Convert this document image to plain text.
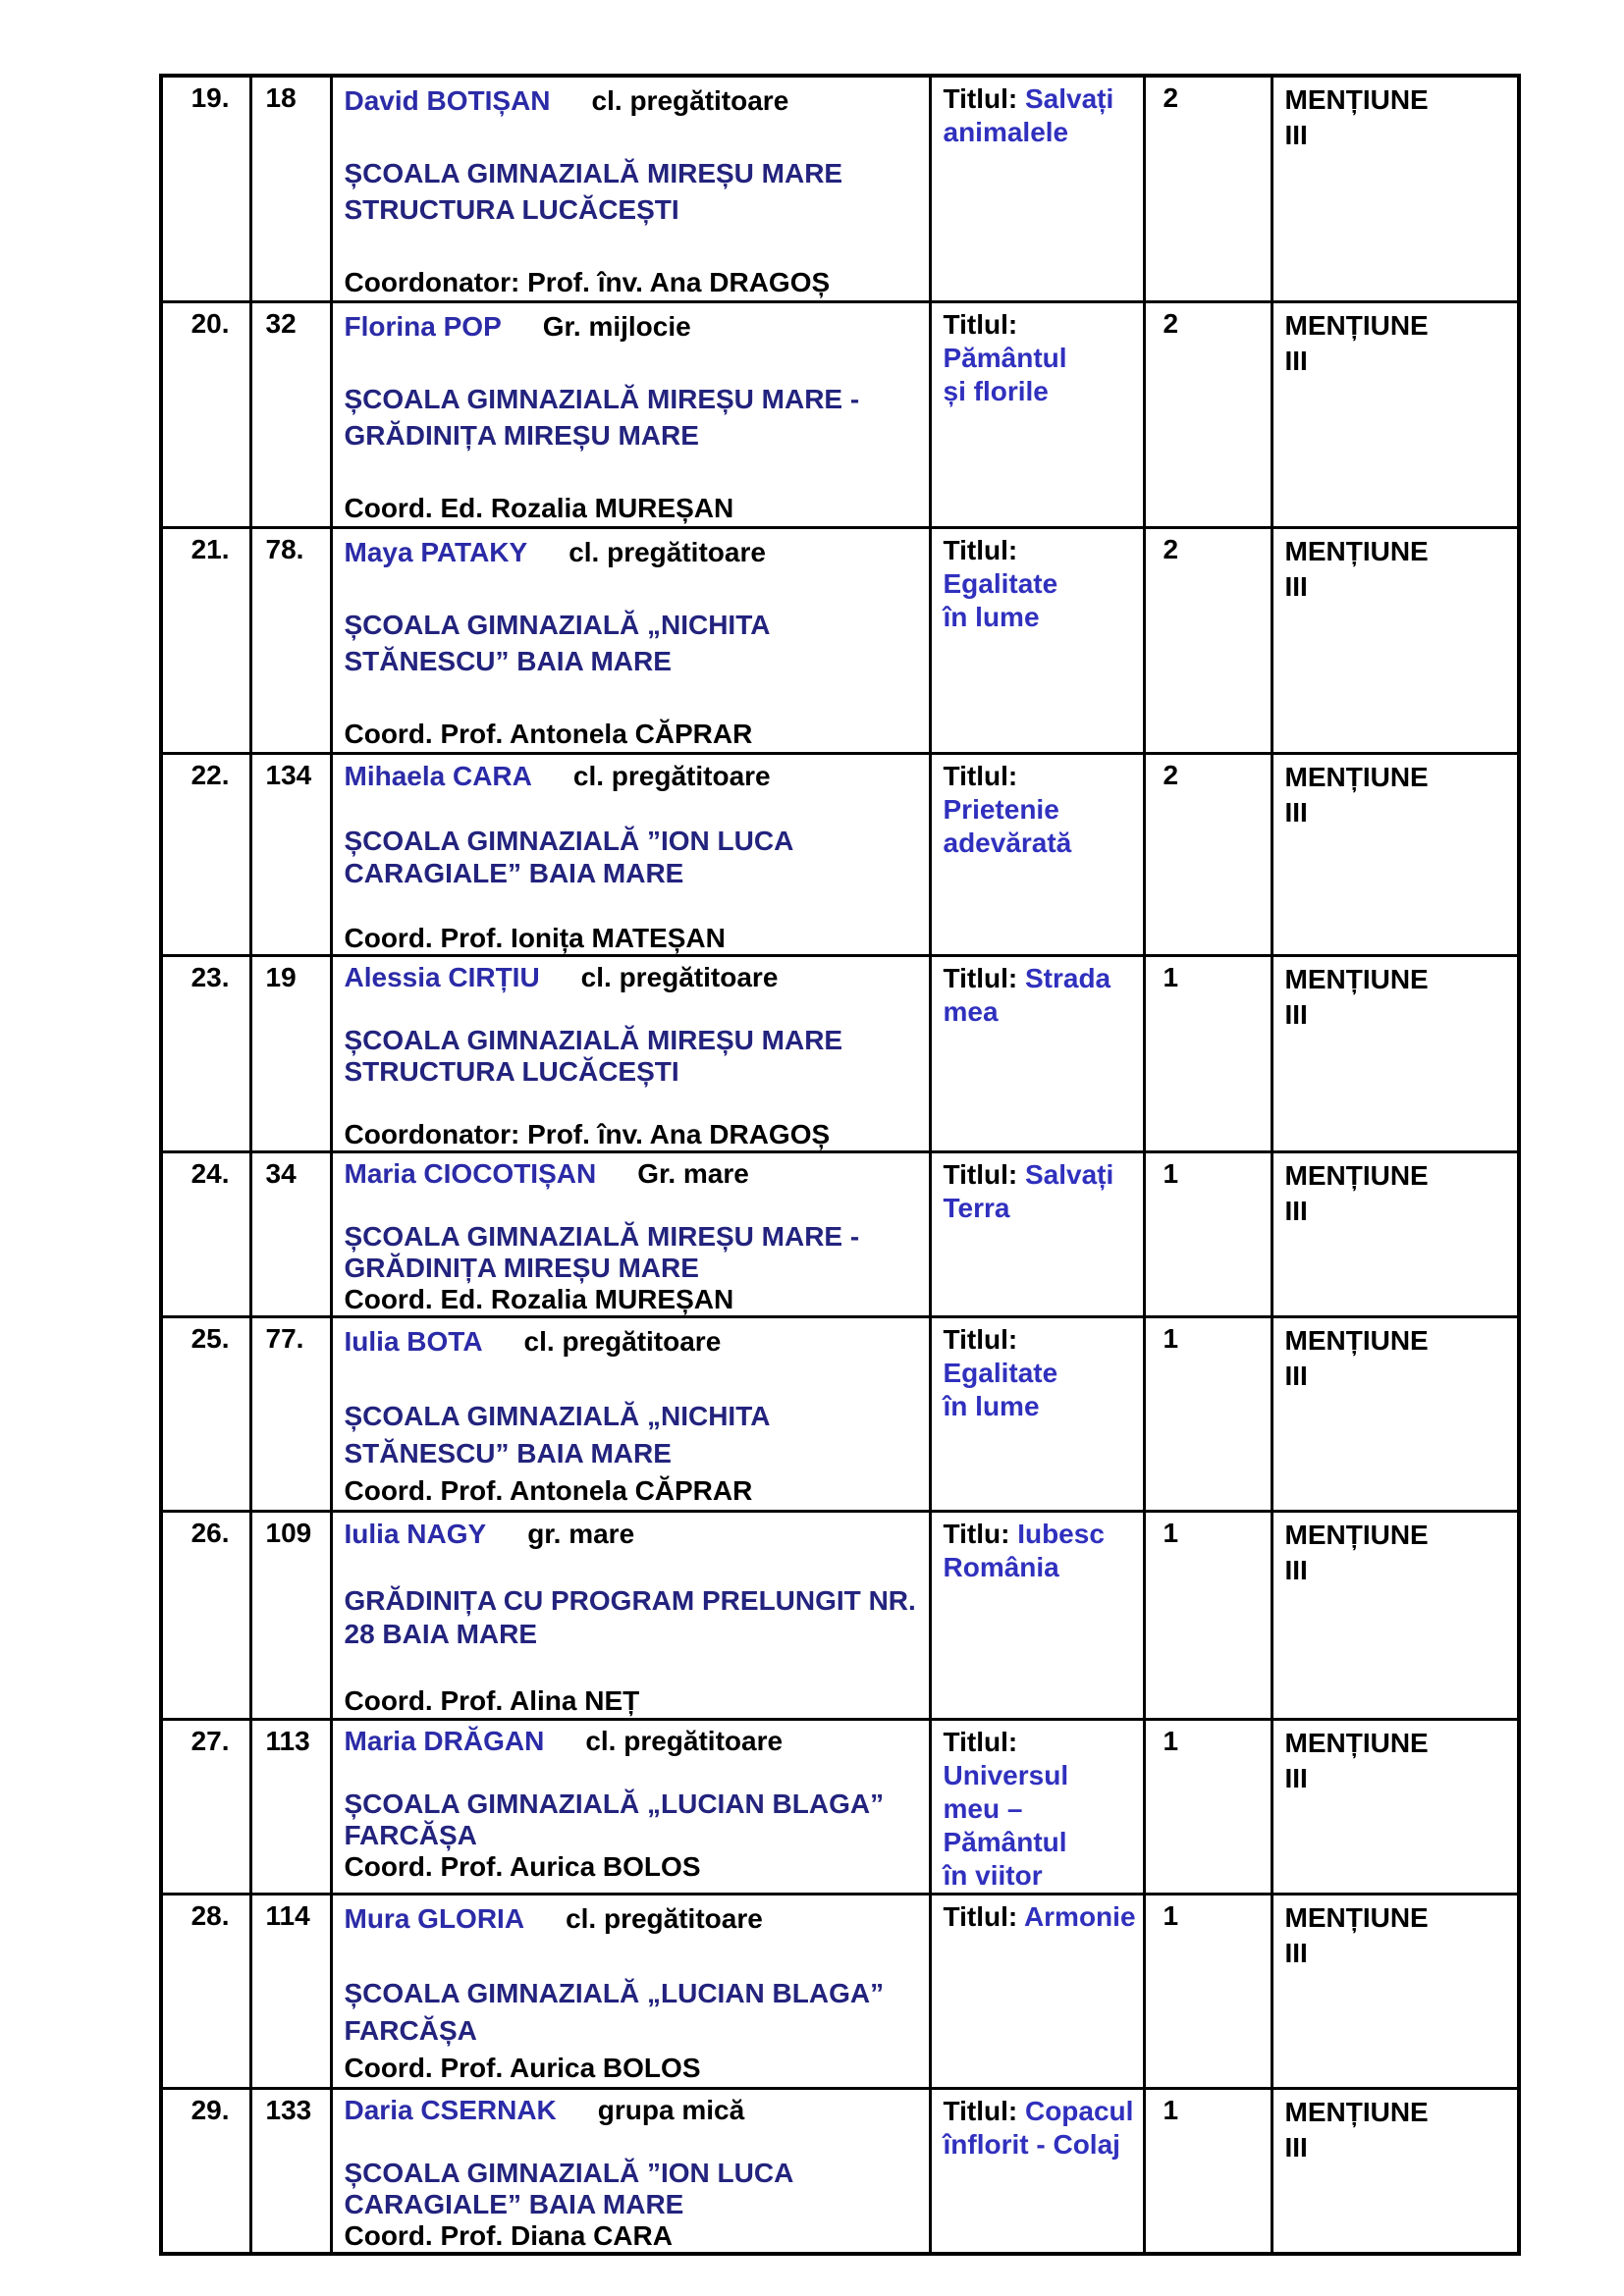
19.	18	David BOTIȘAN cl. pregătitoare

ȘCOALA GIMNAZIALĂ MIREȘU MARE
STRUCTURA LUCĂCEȘTI

Coordonator: Prof. înv. Ana DRAGOȘ

Titlul: Salvați
animalele

2	MENȚIUNE
III

20.	32	Florina POP Gr. mijlocie

ȘCOALA GIMNAZIALĂ MIREȘU MARE -
GRĂDINIȚA MIREȘU MARE

Coord. Ed. Rozalia MUREȘAN

Titlul: Pământul
și florile

2	MENȚIUNE
III

21.	78.	Maya PATAKY cl. pregătitoare

ȘCOALA GIMNAZIALĂ „NICHITA
STĂNESCU” BAIA MARE

Coord. Prof. Antonela CĂPRAR

Titlul: Egalitate
în lume

2	MENȚIUNE
III

22.	134	Mihaela CARA cl. pregătitoare

ȘCOALA GIMNAZIALĂ ”ION LUCA
CARAGIALE” BAIA MARE

Coord. Prof. Ionița MATEȘAN

Titlul: Prietenie
adevărată

2	MENȚIUNE
III

23.	19	Alessia CIRȚIU cl. pregătitoare

ȘCOALA GIMNAZIALĂ MIREȘU MARE
STRUCTURA LUCĂCEȘTI

Coordonator: Prof. înv. Ana DRAGOȘ

Titlul: Strada
mea

1	MENȚIUNE
III

24.	34	Maria CIOCOTIȘAN Gr. mare

ȘCOALA GIMNAZIALĂ MIREȘU MARE -
GRĂDINIȚA MIREȘU MARE
Coord. Ed. Rozalia MUREȘAN

Titlul: Salvați
Terra

1	MENȚIUNE
III

25.	77.	Iulia BOTA cl. pregătitoare

ȘCOALA GIMNAZIALĂ „NICHITA
STĂNESCU” BAIA MARE
Coord. Prof. Antonela CĂPRAR

Titlul: Egalitate
în lume

1	MENȚIUNE
III

26.	109	Iulia NAGY gr. mare

GRĂDINIȚA CU PROGRAM PRELUNGIT NR.
28 BAIA MARE

Coord. Prof. Alina NEȚ

Titlu: Iubesc
România

1	MENȚIUNE
III

27.	113	Maria DRĂGAN cl. pregătitoare

ȘCOALA GIMNAZIALĂ „LUCIAN BLAGA”
FARCĂȘA
Coord. Prof. Aurica BOLOS

Titlul: Universul
meu – Pământul
în viitor

1	MENȚIUNE
III

28.	114	Mura GLORIA cl. pregătitoare

ȘCOALA GIMNAZIALĂ „LUCIAN BLAGA”
FARCĂȘA
Coord. Prof. Aurica BOLOS

Titlul: Armonie	1	MENȚIUNE
III

29.	133	Daria CSERNAK grupa mică

ȘCOALA GIMNAZIALĂ ”ION LUCA
CARAGIALE” BAIA MARE
Coord. Prof. Diana CARA

Titlul: Copacul
înflorit - Colaj

1	MENȚIUNE
III
